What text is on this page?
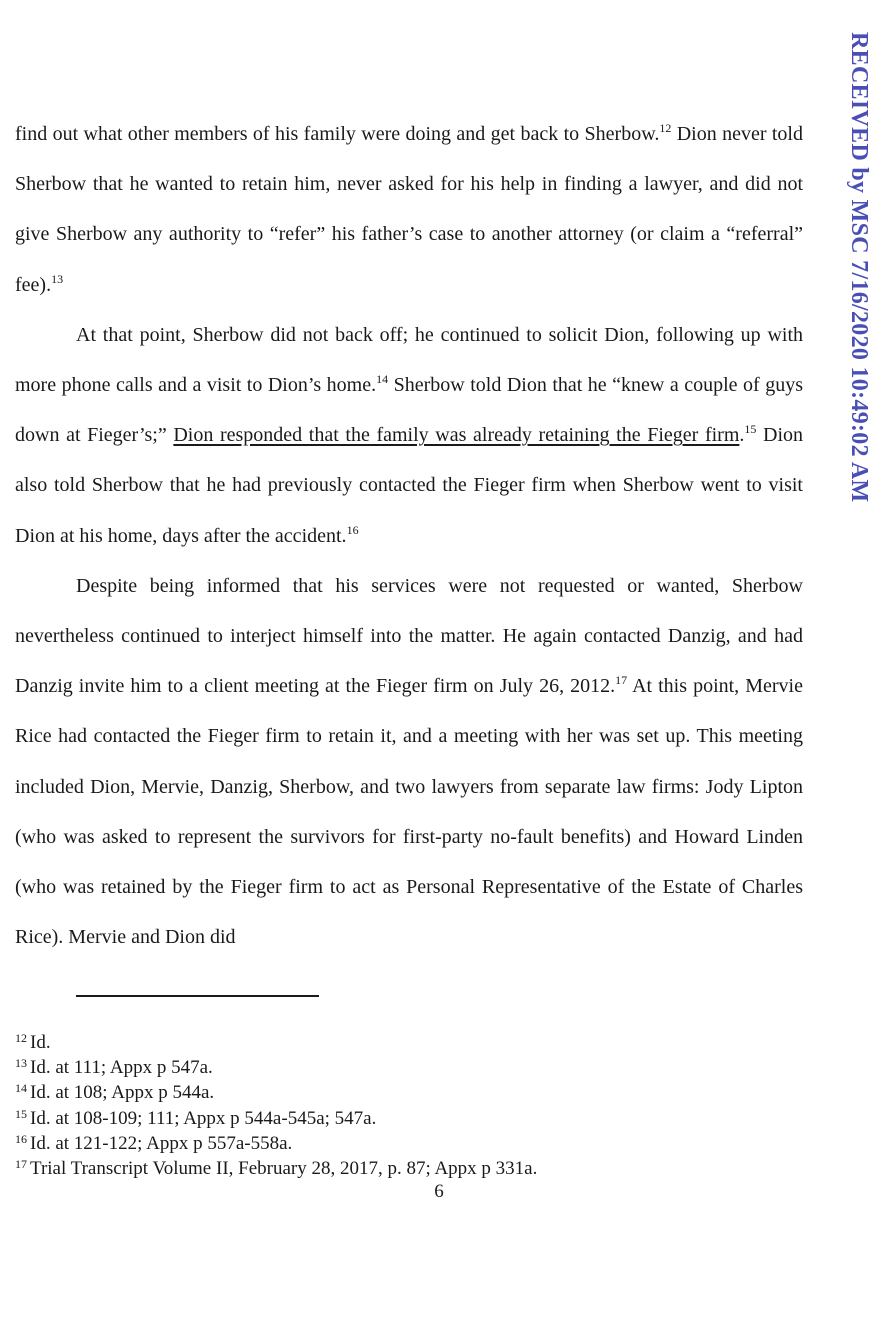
RECEIVED by MSC 7/16/2020 10:49:02 AM

find out what other members of his family were doing and get back to Sherbow.$^{12}$ Dion never told Sherbow that he wanted to retain him, never asked for his help in finding a lawyer, and did not give Sherbow any authority to “refer” his father’s case to another attorney (or claim a “referral” fee).$^{13}$

At that point, Sherbow did not back off; he continued to solicit Dion, following up with more phone calls and a visit to Dion’s home.$^{14}$ Sherbow told Dion that he “knew a couple of guys down at Fieger’s;” Dion responded that the family was already retaining the Fieger firm.$^{15}$ Dion also told Sherbow that he had previously contacted the Fieger firm when Sherbow went to visit Dion at his home, days after the accident.$^{16}$

Despite being informed that his services were not requested or wanted, Sherbow nevertheless continued to interject himself into the matter. He again contacted Danzig, and had Danzig invite him to a client meeting at the Fieger firm on July 26, 2012.17 At this point, Mervie Rice had contacted the Fieger firm to retain it, and a meeting with her was set up. This meeting included Dion, Mervie, Danzig, Sherbow, and two lawyers from separate law firms: Jody Lipton (who was asked to represent the survivors for first-party no-fault benefits) and Howard Linden (who was retained by the Fieger firm to act as Personal Representative of the Estate of Charles Rice). Mervie and Dion did

$^{12}$ Id.
$^{13}$ Id. at 111; Appx p 547a.
$^{14}$ Id. at 108; Appx p 544a.
$^{15}$ Id. at 108-109; 111; Appx p 544a-545a; 547a.
$^{16}$ Id. at 121-122; Appx p 557a-558a.
$^{17}$ Trial Transcript Volume II, February 28, 2017, p. 87; Appx p 331a.
6
